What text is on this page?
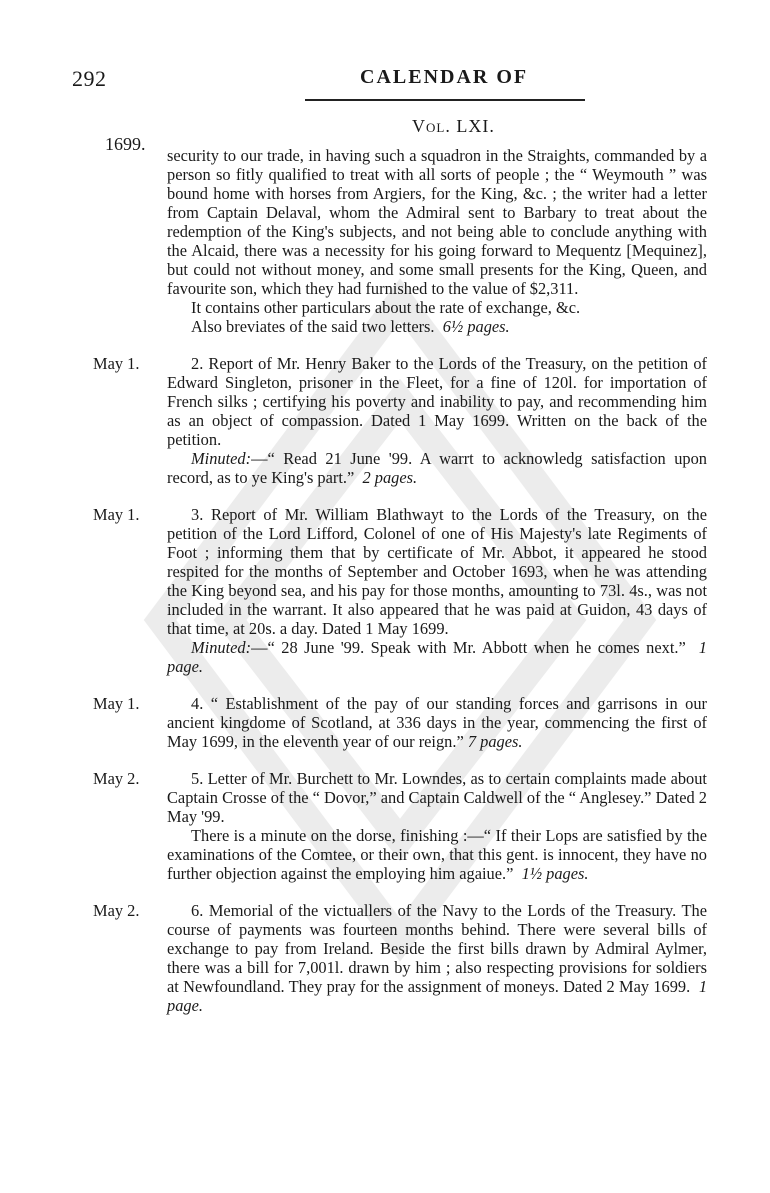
292	CALENDAR OF
Vol. LXI.
1699.

security to our trade, in having such a squadron in the Straights, commanded by a person so fitly qualified to treat with all sorts of people ; the “ Weymouth ” was bound home with horses from Argiers, for the King, &c. ; the writer had a letter from Captain Delaval, whom the Admiral sent to Barbary to treat about the redemption of the King's subjects, and not being able to conclude anything with the Alcaid, there was a necessity for his going forward to Mequentz [Mequinez], but could not without money, and some small presents for the King, Queen, and favourite son, which they had furnished to the value of $2,311.

It contains other particulars about the rate of exchange, &c.

Also breviates of the said two letters. 6½ pages.

May 1.	2. Report of Mr. Henry Baker to the Lords of the Treasury, on the petition of Edward Singleton, prisoner in the Fleet, for a fine of 120l. for importation of French silks ; certifying his poverty and inability to pay, and recommending him as an object of compassion. Dated 1 May 1699. Written on the back of the petition.

Minuted:—“ Read 21 June '99. A warrt to acknowledg satisfaction upon record, as to ye King's part.” 2 pages.

May 1.	3. Report of Mr. William Blathwayt to the Lords of the Treasury, on the petition of the Lord Lifford, Colonel of one of His Majesty's late Regiments of Foot ; informing them that by certificate of Mr. Abbot, it appeared he stood respited for the months of September and October 1693, when he was attending the King beyond sea, and his pay for those months, amounting to 73l. 4s., was not included in the warrant. It also appeared that he was paid at Guidon, 43 days of that time, at 20s. a day. Dated 1 May 1699.

Minuted:—“ 28 June '99. Speak with Mr. Abbott when he comes next.” 1 page.

May 1.	4. “ Establishment of the pay of our standing forces and garrisons in our ancient kingdome of Scotland, at 336 days in the year, commencing the first of May 1699, in the eleventh year of our reign.” 7 pages.

May 2.	5. Letter of Mr. Burchett to Mr. Lowndes, as to certain complaints made about Captain Crosse of the “ Dovor,” and Captain Caldwell of the “ Anglesey.” Dated 2 May '99.

There is a minute on the dorse, finishing :—“ If their Lops are satisfied by the examinations of the Comtee, or their own, that this gent. is innocent, they have no further objection against the employing him agaiue.” 1½ pages.

May 2.	6. Memorial of the victuallers of the Navy to the Lords of the Treasury. The course of payments was fourteen months behind. There were several bills of exchange to pay from Ireland. Beside the first bills drawn by Admiral Aylmer, there was a bill for 7,001l. drawn by him ; also respecting provisions for soldiers at Newfoundland. They pray for the assignment of moneys. Dated 2 May 1699. 1 page.
